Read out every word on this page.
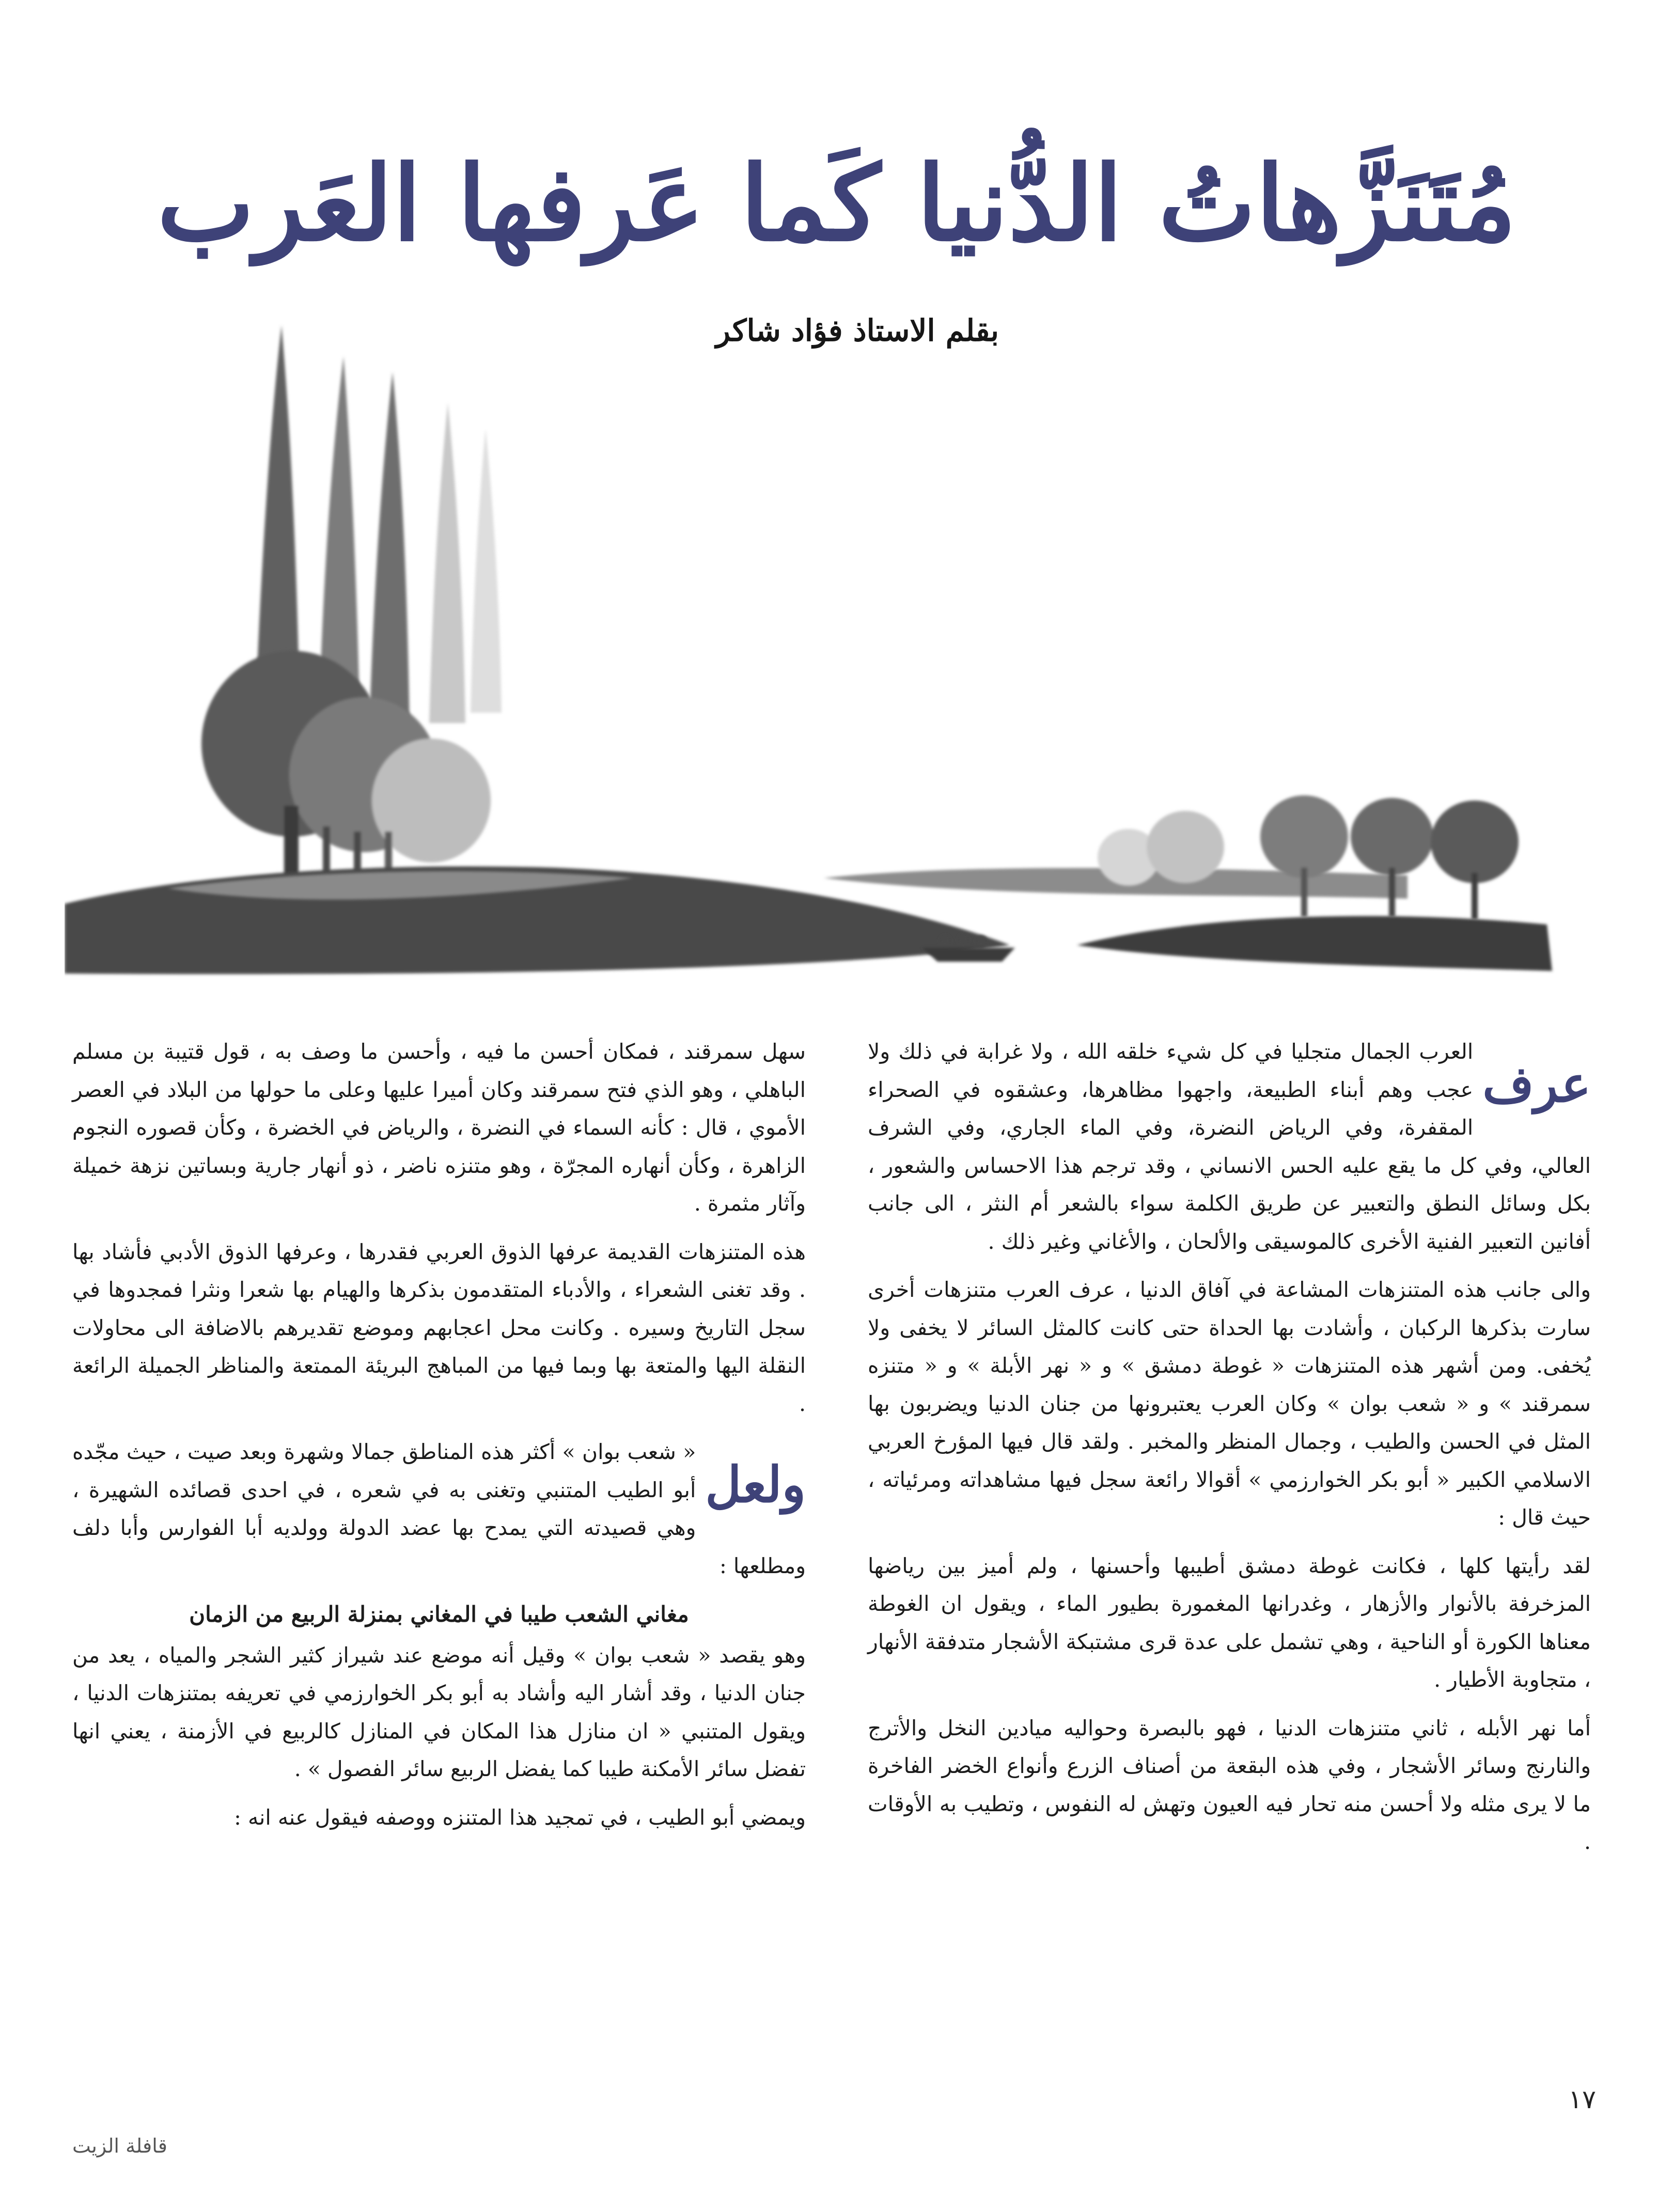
مُتَنَزَّهاتُ الدُّنيا كَما عَرفها العَرب
بقلم الاستاذ فؤاد شاكر
عرف

العرب الجمال متجليا في كل شيء خلقه الله ، ولا غرابة في ذلك ولا عجب وهم أبناء الطبيعة، واجهوا مظاهرها، وعشقوه في الصحراء المقفرة، وفي الرياض النضرة، وفي الماء الجاري، وفي الشرف العالي، وفي كل ما يقع عليه الحس الانساني ، وقد ترجم هذا الاحساس والشعور ، بكل وسائل النطق والتعبير عن طريق الكلمة سواء بالشعر أم النثر ، الى جانب أفانين التعبير الفنية الأخرى كالموسيقى والألحان ، والأغاني وغير ذلك .

والى جانب هذه المتنزهات المشاعة في آفاق الدنيا ، عرف العرب متنزهات أخرى سارت بذكرها الركبان ، وأشادت بها الحداة حتى كانت كالمثل السائر لا يخفى ولا يُخفى. ومن أشهر هذه المتنزهات « غوطة دمشق » و « نهر الأبلة » و « متنزه سمرقند » و « شعب بوان » وكان العرب يعتبرونها من جنان الدنيا ويضربون بها المثل في الحسن والطيب ، وجمال المنظر والمخبر . ولقد قال فيها المؤرخ العربي الاسلامي الكبير « أبو بكر الخوارزمي » أقوالا رائعة سجل فيها مشاهداته ومرئياته ، حيث قال :

لقد رأيتها كلها ، فكانت غوطة دمشق أطيبها وأحسنها ، ولم أميز بين رياضها المزخرفة بالأنوار والأزهار ، وغدرانها المغمورة بطيور الماء ، ويقول ان الغوطة معناها الكورة أو الناحية ، وهي تشمل على عدة قرى مشتبكة الأشجار متدفقة الأنهار ، متجاوبة الأطيار .

أما نهر الأبله ، ثاني متنزهات الدنيا ، فهو بالبصرة وحواليه ميادين النخل والأترج والنارنج وسائر الأشجار ، وفي هذه البقعة من أصناف الزرع وأنواع الخضر الفاخرة ما لا يرى مثله ولا أحسن منه تحار فيه العيون وتهش له النفوس ، وتطيب به الأوقات .

سهل سمرقند ، فمكان أحسن ما فيه ، وأحسن ما وصف به ، قول قتيبة بن مسلم الباهلي ، وهو الذي فتح سمرقند وكان أميرا عليها وعلى ما حولها من البلاد في العصر الأموي ، قال : كأنه السماء في النضرة ، والرياض في الخضرة ، وكأن قصوره النجوم الزاهرة ، وكأن أنهاره المجرّة ، وهو متنزه ناضر ، ذو أنهار جارية وبساتين نزهة خميلة وآثار مثمرة .

هذه المتنزهات القديمة عرفها الذوق العربي فقدرها ، وعرفها الذوق الأدبي فأشاد بها . وقد تغنى الشعراء ، والأدباء المتقدمون بذكرها والهيام بها شعرا ونثرا فمجدوها في سجل التاريخ وسيره . وكانت محل اعجابهم وموضع تقديرهم بالاضافة الى محاولات النقلة اليها والمتعة بها وبما فيها من المباهج البريئة الممتعة والمناظر الجميلة الرائعة .

ولعل

« شعب بوان » أكثر هذه المناطق جمالا وشهرة وبعد صيت ، حيث مجّده أبو الطيب المتنبي وتغنى به في شعره ، في احدى قصائده الشهيرة ، وهي قصيدته التي يمدح بها عضد الدولة وولديه أبا الفوارس وأبا دلف ومطلعها :

مغاني الشعب طيبا في المغاني بمنزلة الربيع من الزمان

وهو يقصد « شعب بوان » وقيل أنه موضع عند شيراز كثير الشجر والمياه ، يعد من جنان الدنيا ، وقد أشار اليه وأشاد به أبو بكر الخوارزمي في تعريفه بمتنزهات الدنيا ، ويقول المتنبي « ان منازل هذا المكان في المنازل كالربيع في الأزمنة ، يعني انها تفضل سائر الأمكنة طيبا كما يفضل الربيع سائر الفصول » .

ويمضي أبو الطيب ، في تمجيد هذا المتنزه ووصفه فيقول عنه انه :

١٧
قافلة الزيت
